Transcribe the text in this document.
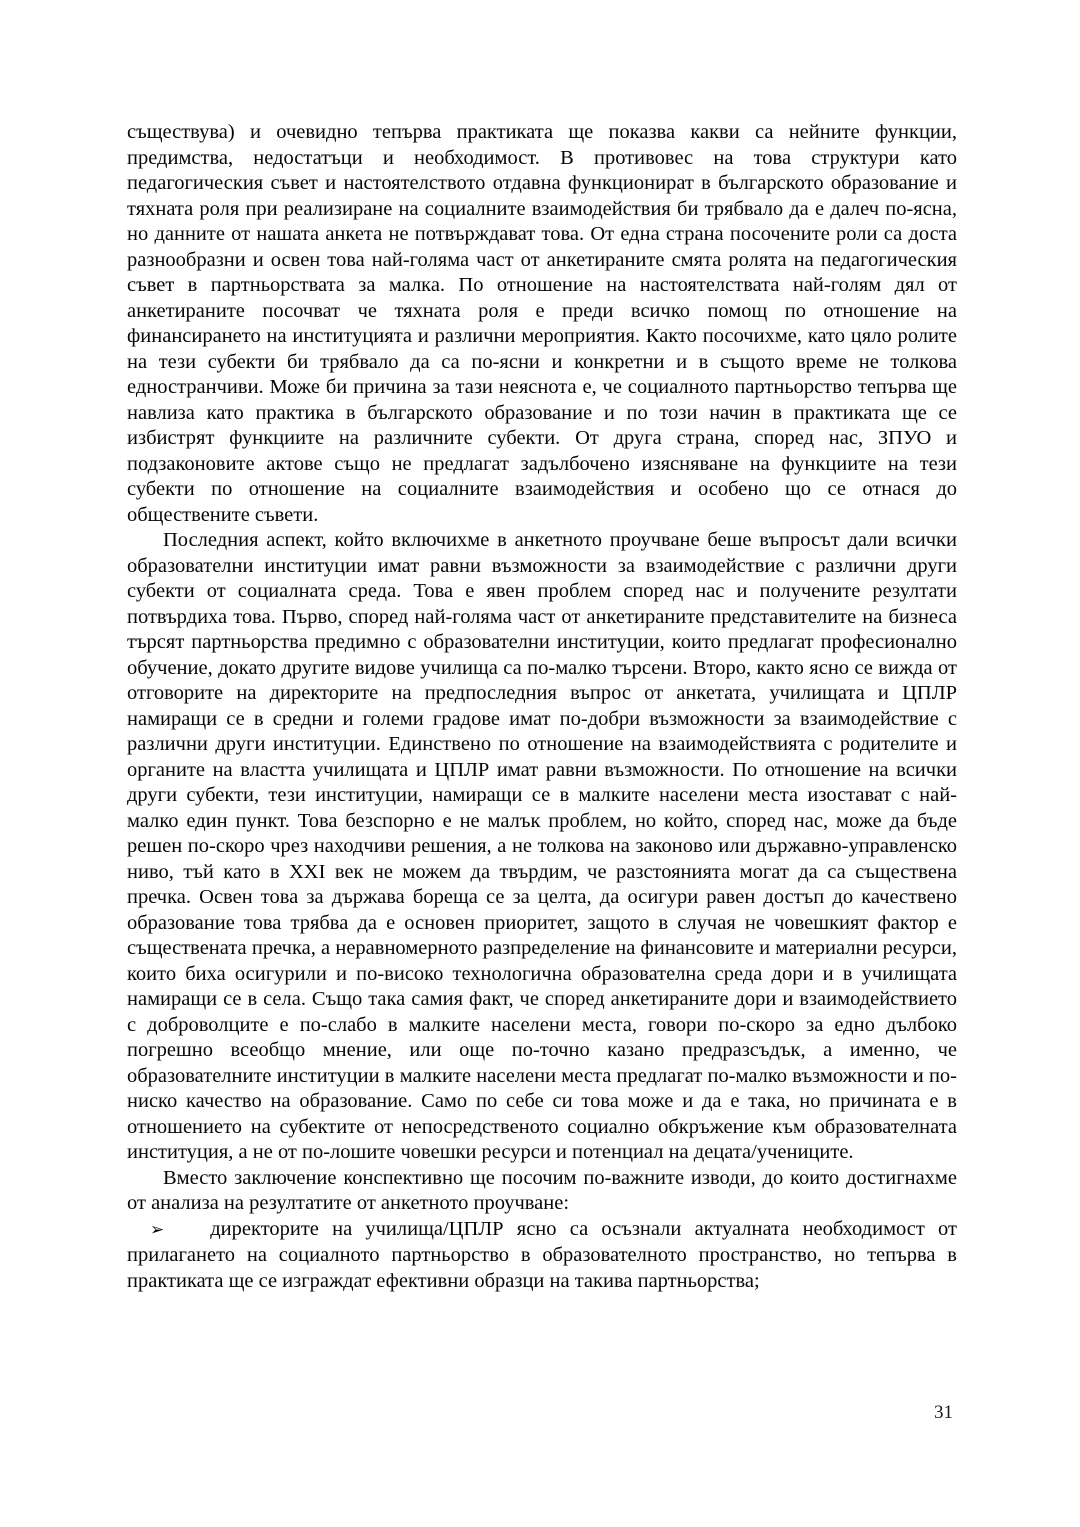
съществува) и очевидно тепърва практиката ще показва какви са нейните функции, предимства, недостатъци и необходимост. В противовес на това структури като педагогическия съвет и настоятелството отдавна функционират в българското образование и тяхната роля при реализиране на социалните взаимодействия би трябвало да е далеч по-ясна, но данните от нашата анкета не потвърждават това. От една страна посочените роли са доста разнообразни и освен това най-голяма част от анкетираните смята ролята на педагогическия съвет в партньорствата за малка. По отношение на настоятелствата най-голям дял от анкетираните посочват че тяхната роля е преди всичко помощ по отношение на финансирането на институцията и различни мероприятия. Както посочихме, като цяло ролите на тези субекти би трябвало да са по-ясни и конкретни и в същото време не толкова едностранчиви. Може би причина за тази неяснота е, че социалното партньорство тепърва ще навлиза като практика в българското образование и по този начин в практиката ще се избистрят функциите на различните субекти. От друга страна, според нас, ЗПУО и подзаконовите актове също не предлагат задълбочено изясняване на функциите на тези субекти по отношение на социалните взаимодействия и особено що се отнася до обществените съвети.

Последния аспект, който включихме в анкетното проучване беше въпросът дали всички образователни институции имат равни възможности за взаимодействие с различни други субекти от социалната среда. Това е явен проблем според нас и получените резултати потвърдиха това. Първо, според най-голяма част от анкетираните представителите на бизнеса търсят партньорства предимно с образователни институции, които предлагат професионално обучение, докато другите видове училища са по-малко търсени. Второ, както ясно се вижда от отговорите на директорите на предпоследния въпрос от анкетата, училищата и ЦПЛР намиращи се в средни и големи градове имат по-добри възможности за взаимодействие с различни други институции. Единствено по отношение на взаимодействията с родителите и органите на властта училищата и ЦПЛР имат равни възможности. По отношение на всички други субекти, тези институции, намиращи се в малките населени места изостават с най-малко един пункт. Това безспорно е не малък проблем, но който, според нас, може да бъде решен по-скоро чрез находчиви решения, а не толкова на законово или държавно-управленско ниво, тъй като в XXI век не можем да твърдим, че разстоянията могат да са съществена пречка. Освен това за държава бореща се за целта, да осигури равен достъп до качествено образование това трябва да е основен приоритет, защото в случая не човешкият фактор е съществената пречка, а неравномерното разпределение на финансовите и материални ресурси, които биха осигурили и по-високо технологична образователна среда дори и в училищата намиращи се в села. Също така самия факт, че според анкетираните дори и взаимодействието с доброволците е по-слабо в малките населени места, говори по-скоро за едно дълбоко погрешно всеобщо мнение, или още по-точно казано предразсъдък, а именно, че образователните институции в малките населени места предлагат по-малко възможности и по-ниско качество на образование. Само по себе си това може и да е така, но причината е в отношението на субектите от непосредственото социално обкръжение към образователната институция, а не от по-лошите човешки ресурси и потенциал на децата/учениците.

Вместо заключение конспективно ще посочим по-важните изводи, до които достигнахме от анализа на резултатите от анкетното проучване:

➢ директорите на училища/ЦПЛР ясно са осъзнали актуалната необходимост от прилагането на социалното партньорство в образователното пространство, но тепърва в практиката ще се изграждат ефективни образци на такива партньорства;

31
